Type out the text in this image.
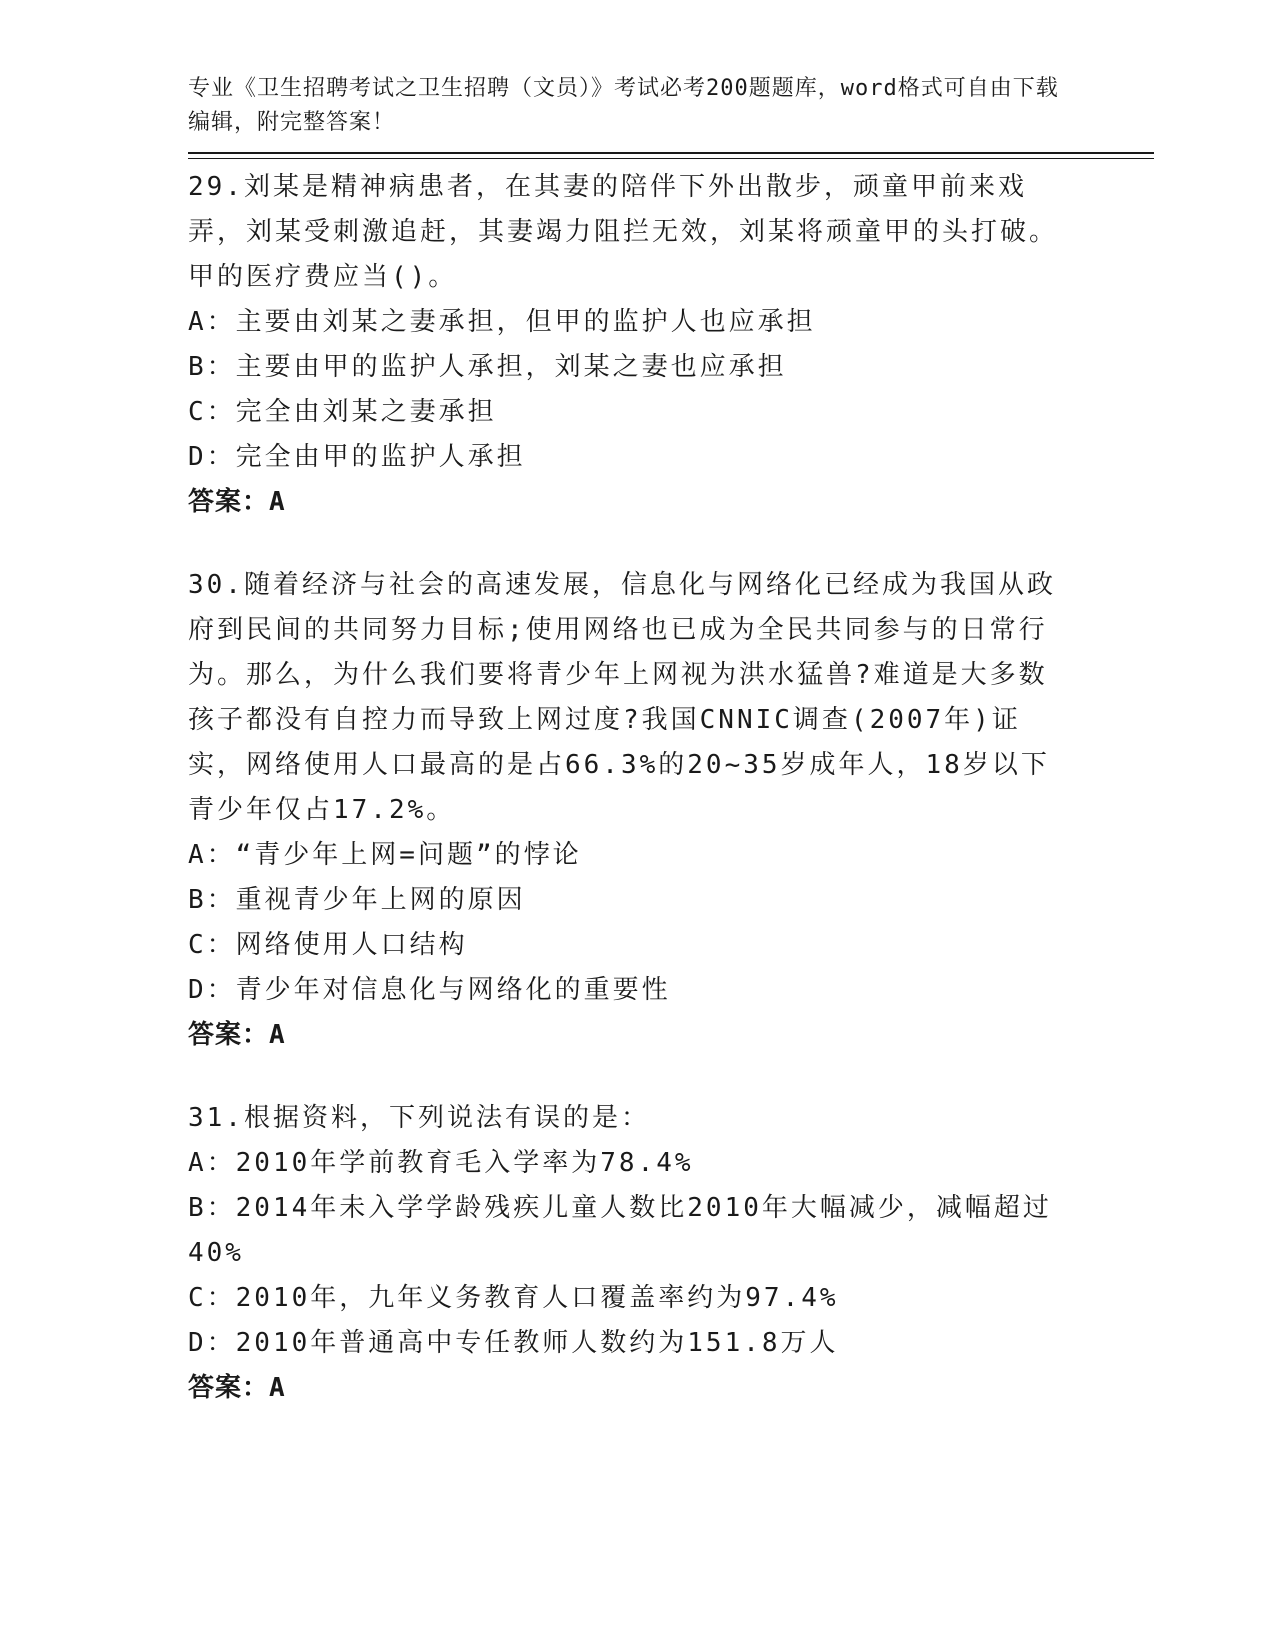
专业《卫生招聘考试之卫生招聘（文员）》考试必考200题题库，word格式可自由下载编辑，附完整答案！
29.刘某是精神病患者，在其妻的陪伴下外出散步，顽童甲前来戏弄，刘某受刺激追赶，其妻竭力阻拦无效，刘某将顽童甲的头打破。甲的医疗费应当()。
A：主要由刘某之妻承担，但甲的监护人也应承担
B：主要由甲的监护人承担，刘某之妻也应承担
C：完全由刘某之妻承担
D：完全由甲的监护人承担
答案：A
30.随着经济与社会的高速发展，信息化与网络化已经成为我国从政府到民间的共同努力目标;使用网络也已成为全民共同参与的日常行为。那么，为什么我们要将青少年上网视为洪水猛兽?难道是大多数孩子都没有自控力而导致上网过度?我国CNNIC调查(2007年)证实，网络使用人口最高的是占66.3%的20~35岁成年人，18岁以下青少年仅占17.2%。
A：“青少年上网=问题”的悖论
B：重视青少年上网的原因
C：网络使用人口结构
D：青少年对信息化与网络化的重要性
答案：A
31.根据资料，下列说法有误的是：
A：2010年学前教育毛入学率为78.4%
B：2014年未入学学龄残疾儿童人数比2010年大幅减少，减幅超过40%
C：2010年，九年义务教育人口覆盖率约为97.4%
D：2010年普通高中专任教师人数约为151.8万人
答案：A
